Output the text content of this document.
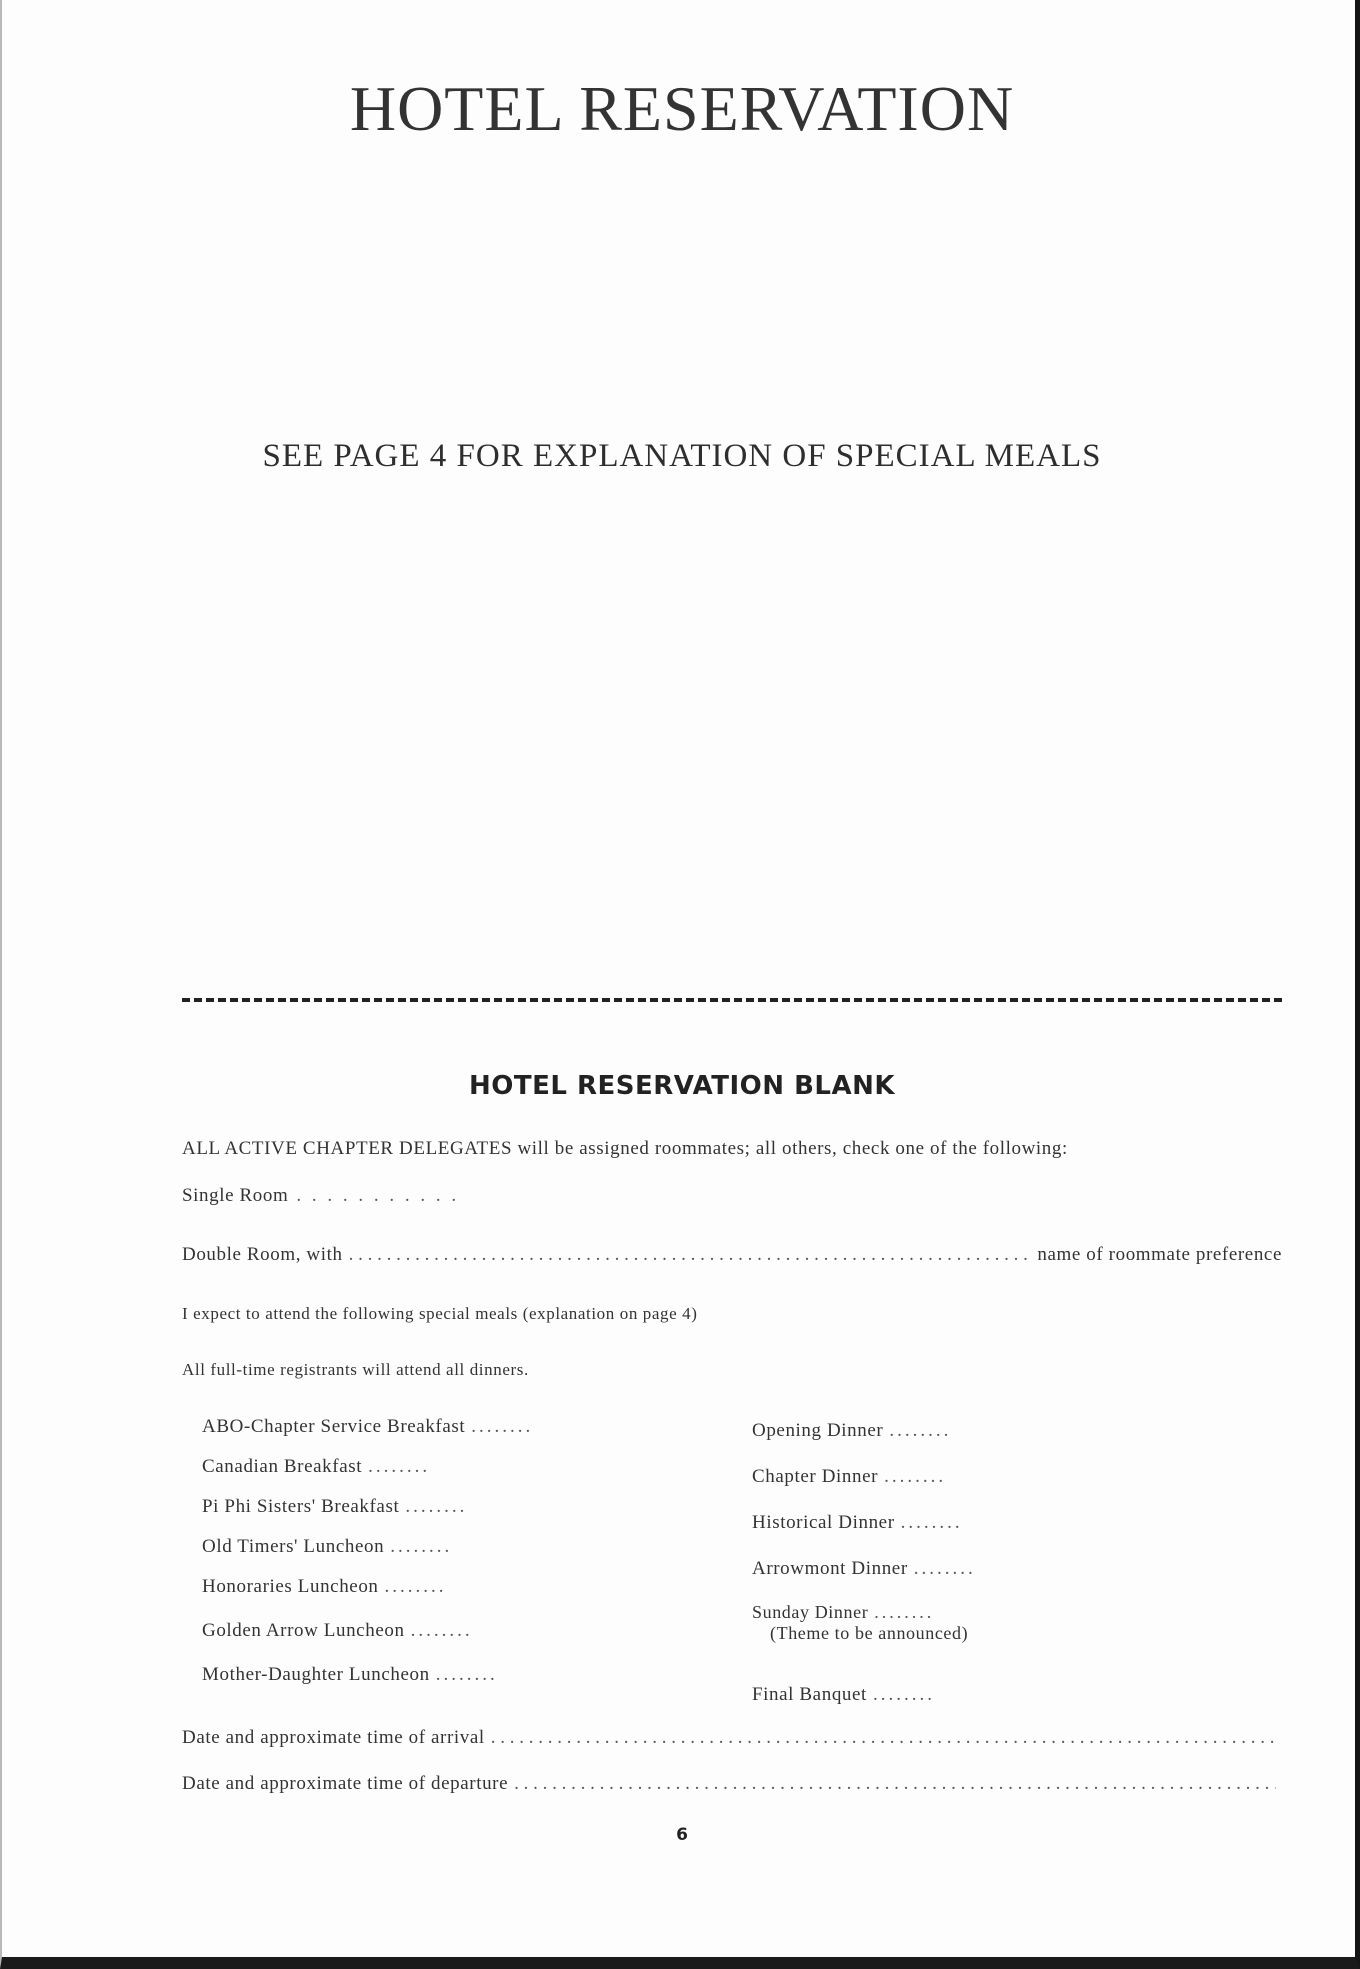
HOTEL RESERVATION
SEE PAGE 4 FOR EXPLANATION OF SPECIAL MEALS
HOTEL RESERVATION BLANK
ALL ACTIVE CHAPTER DELEGATES will be assigned roommates; all others, check one of the following:
Single Room . . . . . . . . . . .
Double Room, with
. . .	name of roommate preference
I expect to attend the following special meals (explanation on page 4)
All full-time registrants will attend all dinners.
ABO-Chapter Service Breakfast ........
Canadian Breakfast ........
Pi Phi Sisters' Breakfast ........
Old Timers' Luncheon ........
Honoraries Luncheon ........
Golden Arrow Luncheon ........
Mother-Daughter Luncheon ........
Opening Dinner ........
Chapter Dinner ........
Historical Dinner ........
Arrowmont Dinner ........
Sunday Dinner ........
(Theme to be announced)
Final Banquet ........
Date and approximate time of arrival
. . .
Date and approximate time of departure
. . .
6
